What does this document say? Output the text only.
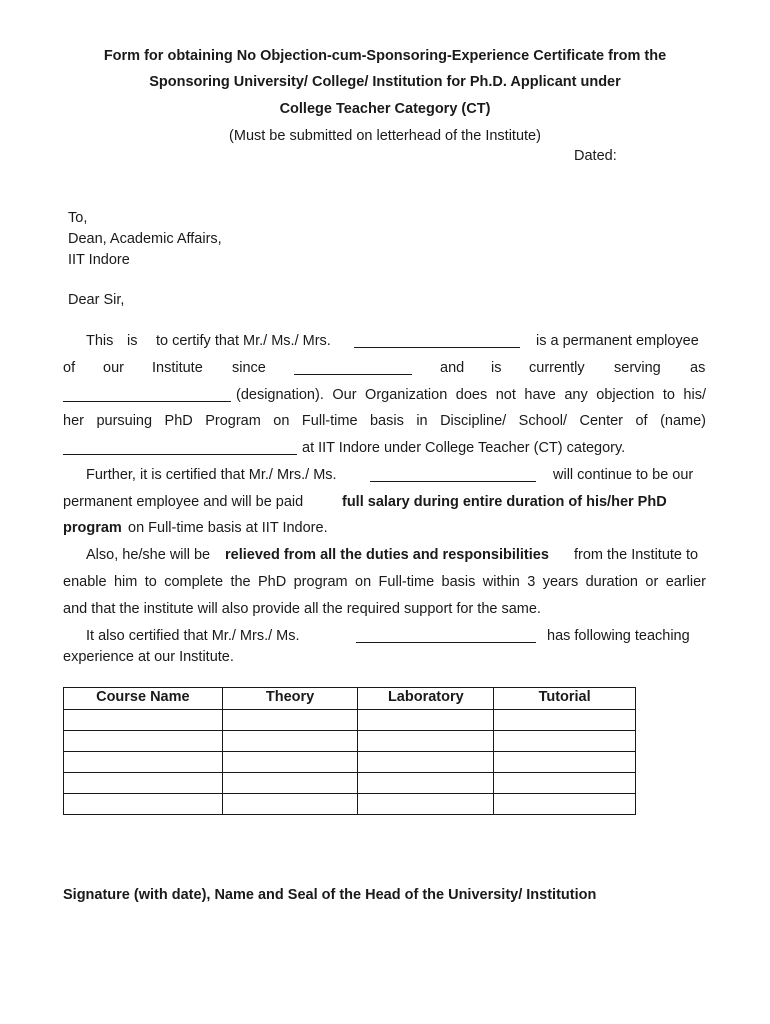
Form for obtaining No Objection-cum-Sponsoring-Experience Certificate from the
Sponsoring University/ College/ Institution for Ph.D. Applicant under
College Teacher Category (CT)
(Must be submitted on letterhead of the Institute)
Dated:
To,
Dean, Academic Affairs,
IIT Indore
Dear Sir,
This is to certify that Mr./ Ms./ Mrs.	is a permanent employee
of our Institute since	and is currently serving as
(designation). Our Organization does not have any objection to his/
her pursuing PhD Program on Full-time basis in Discipline/ School/ Center of (name)
at IIT Indore under College Teacher (CT) category.
Further, it is certified that Mr./ Mrs./ Ms.	will continue to be our
permanent employee and will be paid	full salary during entire duration of his/her PhD
program on Full-time basis at IIT Indore.
Also, he/she will be relieved from all the duties and responsibilities from the Institute to
enable him to complete the PhD program on Full-time basis within 3 years duration or earlier
and that the institute will also provide all the required support for the same.
It also certified that Mr./ Mrs./ Ms.	has following teaching
experience at our Institute.
Course Name	Theory	Laboratory	Tutorial

Signature (with date), Name and Seal of the Head of the University/ Institution
